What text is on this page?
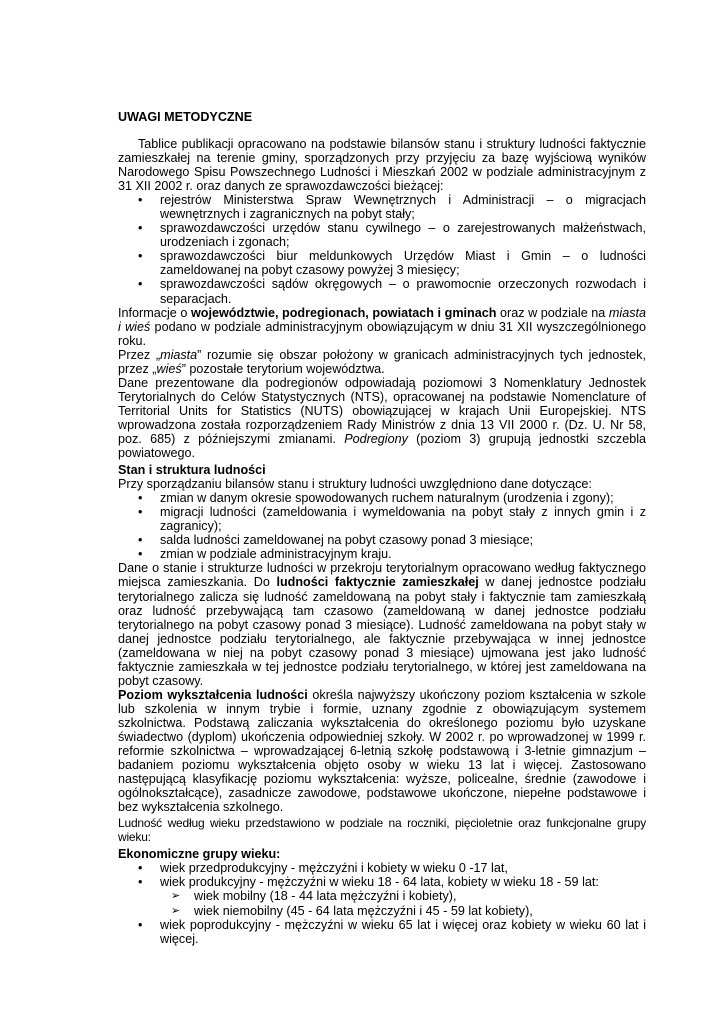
UWAGI METODYCZNE

Tablice publikacji opracowano na podstawie bilansów stanu i struktury ludności faktycznie zamieszkałej na terenie gminy, sporządzonych przy przyjęciu za bazę wyjściową wyników Narodowego Spisu Powszechnego Ludności i Mieszkań 2002 w podziale administracyjnym z 31 XII 2002 r. oraz danych ze sprawozdawczości bieżącej:

• rejestrów Ministerstwa Spraw Wewnętrznych i Administracji – o migracjach wewnętrznych i zagranicznych na pobyt stały;
• sprawozdawczości urzędów stanu cywilnego – o zarejestrowanych małżeństwach, urodzeniach i zgonach;
• sprawozdawczości biur meldunkowych Urzędów Miast i Gmin – o ludności zameldowanej na pobyt czasowy powyżej 3 miesięcy;
• sprawozdawczości sądów okręgowych – o prawomocnie orzeczonych rozwodach i separacjach.

Informacje o województwie, podregionach, powiatach i gminach oraz w podziale na miasta i wieś podano w podziale administracyjnym obowiązującym w dniu 31 XII wyszczególnionego roku.

Przez „miasta” rozumie się obszar położony w granicach administracyjnych tych jednostek, przez „wieś” pozostałe terytorium województwa.

Dane prezentowane dla podregionów odpowiadają poziomowi 3 Nomenklatury Jednostek Terytorialnych do Celów Statystycznych (NTS), opracowanej na podstawie Nomenclature of Territorial Units for Statistics (NUTS) obowiązującej w krajach Unii Europejskiej. NTS wprowadzona została rozporządzeniem Rady Ministrów z dnia 13 VII 2000 r. (Dz. U. Nr 58, poz. 685) z późniejszymi zmianami. Podregiony (poziom 3) grupują jednostki szczebla powiatowego.

Stan i struktura ludności

Przy sporządzaniu bilansów stanu i struktury ludności uwzględniono dane dotyczące:

• zmian w danym okresie spowodowanych ruchem naturalnym (urodzenia i zgony);
• migracji ludności (zameldowania i wymeldowania na pobyt stały z innych gmin i z zagranicy);
• salda ludności zameldowanej na pobyt czasowy ponad 3 miesiące;
• zmian w podziale administracyjnym kraju.

Dane o stanie i strukturze ludności w przekroju terytorialnym opracowano według faktycznego miejsca zamieszkania. Do ludności faktycznie zamieszkałej w danej jednostce podziału terytorialnego zalicza się ludność zameldowaną na pobyt stały i faktycznie tam zamieszkałą oraz ludność przebywającą tam czasowo (zameldowaną w danej jednostce podziału terytorialnego na pobyt czasowy ponad 3 miesiące). Ludność zameldowana na pobyt stały w danej jednostce podziału terytorialnego, ale faktycznie przebywająca w innej jednostce (zameldowana w niej na pobyt czasowy ponad 3 miesiące) ujmowana jest jako ludność faktycznie zamieszkała w tej jednostce podziału terytorialnego, w której jest zameldowana na pobyt czasowy.

Poziom wykształcenia ludności określa najwyższy ukończony poziom kształcenia w szkole lub szkolenia w innym trybie i formie, uznany zgodnie z obowiązującym systemem szkolnictwa. Podstawą zaliczania wykształcenia do określonego poziomu było uzyskane świadectwo (dyplom) ukończenia odpowiedniej szkoły. W 2002 r. po wprowadzonej w 1999 r. reformie szkolnictwa – wprowadzającej 6-letnią szkołę podstawową i 3-letnie gimnazjum – badaniem poziomu wykształcenia objęto osoby w wieku 13 lat i więcej. Zastosowano następującą klasyfikację poziomu wykształcenia: wyższe, policealne, średnie (zawodowe i ogólnokształcące), zasadnicze zawodowe, podstawowe ukończone, niepełne podstawowe i bez wykształcenia szkolnego.

Ludność według wieku przedstawiono w podziale na roczniki, pięcioletnie oraz funkcjonalne grupy wieku:

Ekonomiczne grupy wieku:

• wiek przedprodukcyjny - mężczyźni i kobiety w wieku 0 -17 lat,
• wiek produkcyjny - mężczyźni w wieku 18 - 64 lata, kobiety w wieku 18 - 59 lat:
➢ wiek mobilny (18 - 44 lata mężczyźni i kobiety),
➢ wiek niemobilny (45 - 64 lata mężczyźni i 45 - 59 lat kobiety),
• wiek poprodukcyjny - mężczyźni w wieku 65 lat i więcej oraz kobiety w wieku 60 lat i więcej.
